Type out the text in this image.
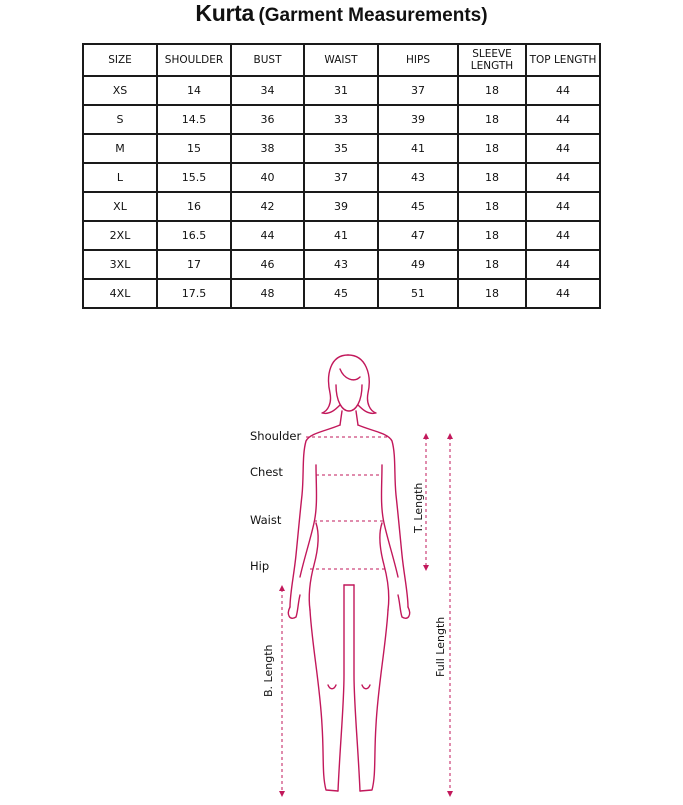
Kurta (Garment Measurements)
SIZE	SHOULDER	BUST	WAIST	HIPS	SLEEVE LENGTH	TOP LENGTH
XS	14	34	31	37	18	44
S	14.5	36	33	39	18	44
M	15	38	35	41	18	44
L	15.5	40	37	43	18	44
XL	16	42	39	45	18	44
2XL	16.5	44	41	47	18	44
3XL	17	46	43	49	18	44
4XL	17.5	48	45	51	18	44
Shoulder
Chest
Waist
Hip
T. Length
B. Length	Full Length
